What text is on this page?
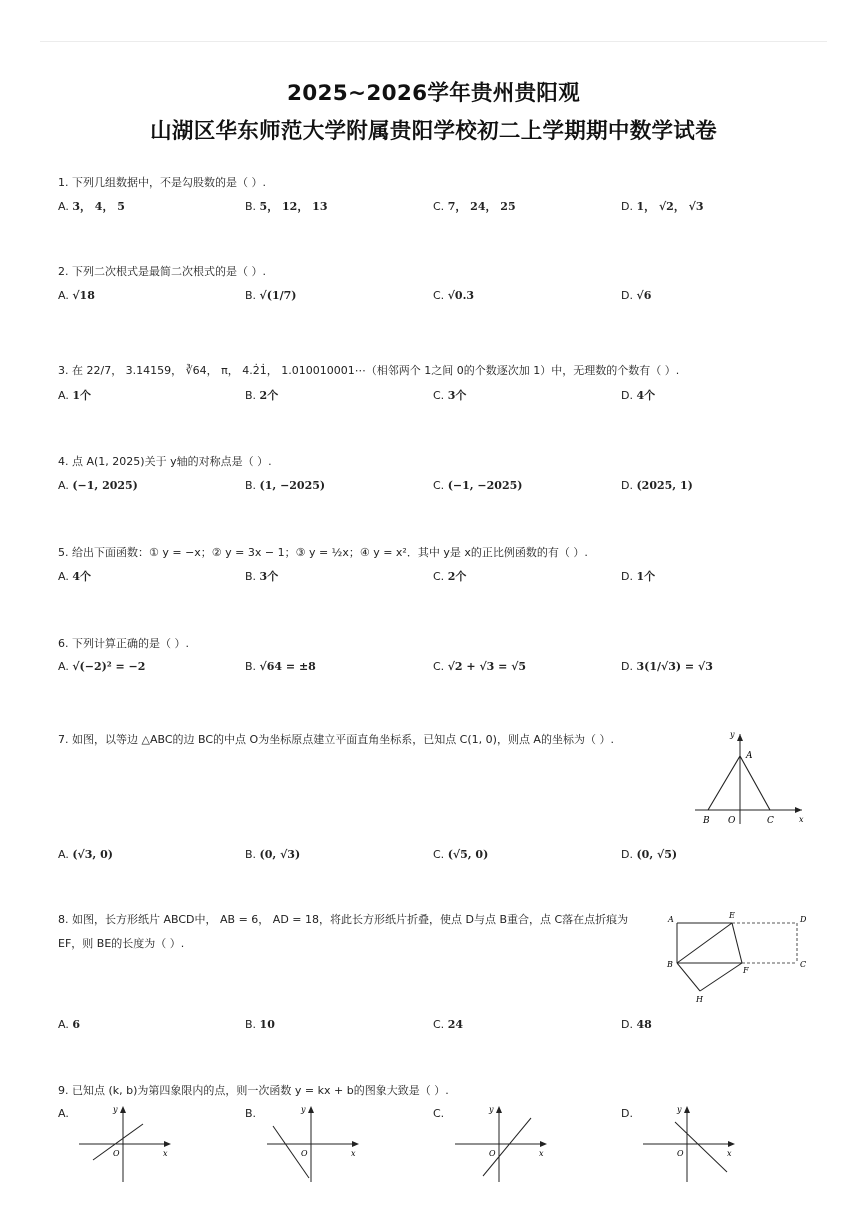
2025~2026学年贵州贵阳观
山湖区华东师范大学附属贵阳学校初二上学期期中数学试卷
1. 下列几组数据中，不是勾股数的是（ ）.
A. 3， 4， 5	B. 5， 12， 13	C. 7， 24， 25	D. 1， √2， √3
2. 下列二次根式是最简二次根式的是（ ）.
A. √18	B. √(1/7)	C. √0.3	D. √6
3. 在 22/7， 3.14159， ∛64， π， 4.2̇1̇， 1.010010001⋯（相邻两个 1之间 0的个数逐次加 1）中，无理数的个数有（ ）.
A. 1个	B. 2个	C. 3个	D. 4个
4. 点 A(1, 2025)关于 y轴的对称点是（ ）.
A. (−1, 2025)	B. (1, −2025)	C. (−1, −2025)	D. (2025, 1)
5. 给出下面函数：① y = −x；② y = 3x − 1；③ y = ½x；④ y = x²．其中 y是 x的正比例函数的有（ ）.
A. 4个	B. 3个	C. 2个	D. 1个
6. 下列计算正确的是（ ）.
A. √(−2)² = −2	B. √64 = ±8	C. √2 + √3 = √5	D. 3(1/√3) = √3
7. 如图，以等边 △ABC的边 BC的中点 O为坐标原点建立平面直角坐标系，已知点 C(1, 0)，则点 A的坐标为（ ）.	y
A
B O	C	x
A. (√3, 0)	B. (0, √3)	C. (√5, 0)	D. (0, √5)
8. 如图，长方形纸片 ABCD中， AB = 6， AD = 18，将此长方形纸片折叠，使点 D与点 B重合，点 C落在点折痕为
EF，则 BE的长度为（ ）.
A	E	D
B
F
C
H
A. 6	B. 10	C. 24	D. 48
9. 已知点 (k, b)为第四象限内的点，则一次函数 y = kx + b的图象大致是（ ）.
A.	y
O	x
B.	y
O	x
C.	y
O	x
D.	y
O	x
